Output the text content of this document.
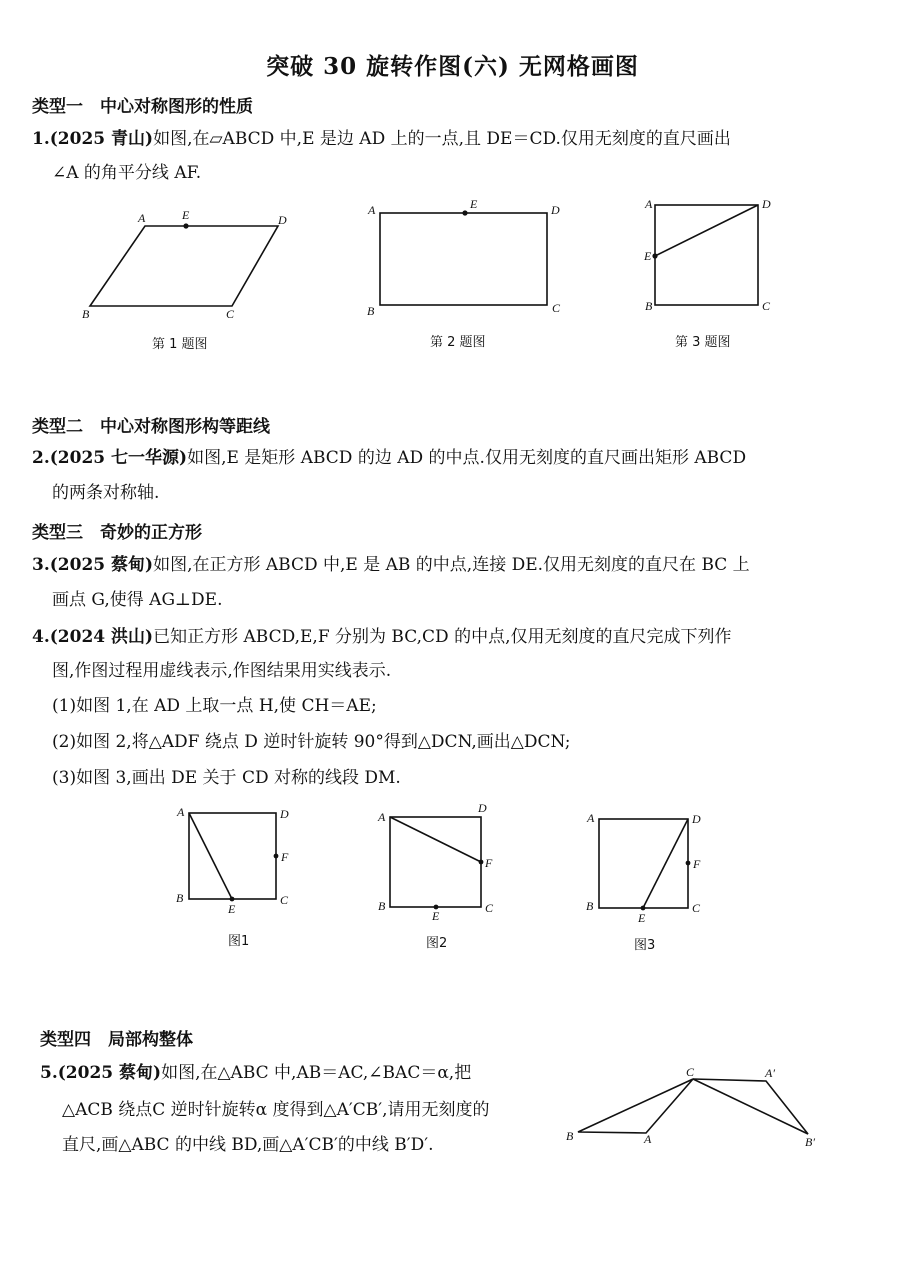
突破 30 旋转作图(六) 无网格画图
类型一　中心对称图形的性质
1.(2025 青山)如图,在▱ABCD 中,E 是边 AD 上的一点,且 DE＝CD.仅用无刻度的直尺画出
∠A 的角平分线 AF.
A	E	D
B	C
A	E	D
B	C
A	D
E
B	C
第 1 题图	第 2 题图	第 3 题图
类型二　中心对称图形构等距线
2.(2025 七一华源)如图,E 是矩形 ABCD 的边 AD 的中点.仅用无刻度的直尺画出矩形 ABCD
的两条对称轴.
类型三　奇妙的正方形
3.(2025 蔡甸)如图,在正方形 ABCD 中,E 是 AB 的中点,连接 DE.仅用无刻度的直尺在 BC 上
画点 G,使得 AG⊥DE.
4.(2024 洪山)已知正方形 ABCD,E,F 分别为 BC,CD 的中点,仅用无刻度的直尺完成下列作
图,作图过程用虚线表示,作图结果用实线表示.
(1)如图 1,在 AD 上取一点 H,使 CH＝AE;
(2)如图 2,将△ADF 绕点 D 逆时针旋转 90°得到△DCN,画出△DCN;
(3)如图 3,画出 DE 关于 CD 对称的线段 DM.
A	D
F
B	C
E
A
D
F
B	C
E
A	D
F
B	C
E
图1	图2	图3
类型四　局部构整体
5.(2025 蔡甸)如图,在△ABC 中,AB＝AC,∠BAC＝α,把
△ACB 绕点C 逆时针旋转α 度得到△A′CB′,请用无刻度的
直尺,画△ABC 的中线 BD,画△A′CB′的中线 B′D′.
C	A′
B	A	B′
